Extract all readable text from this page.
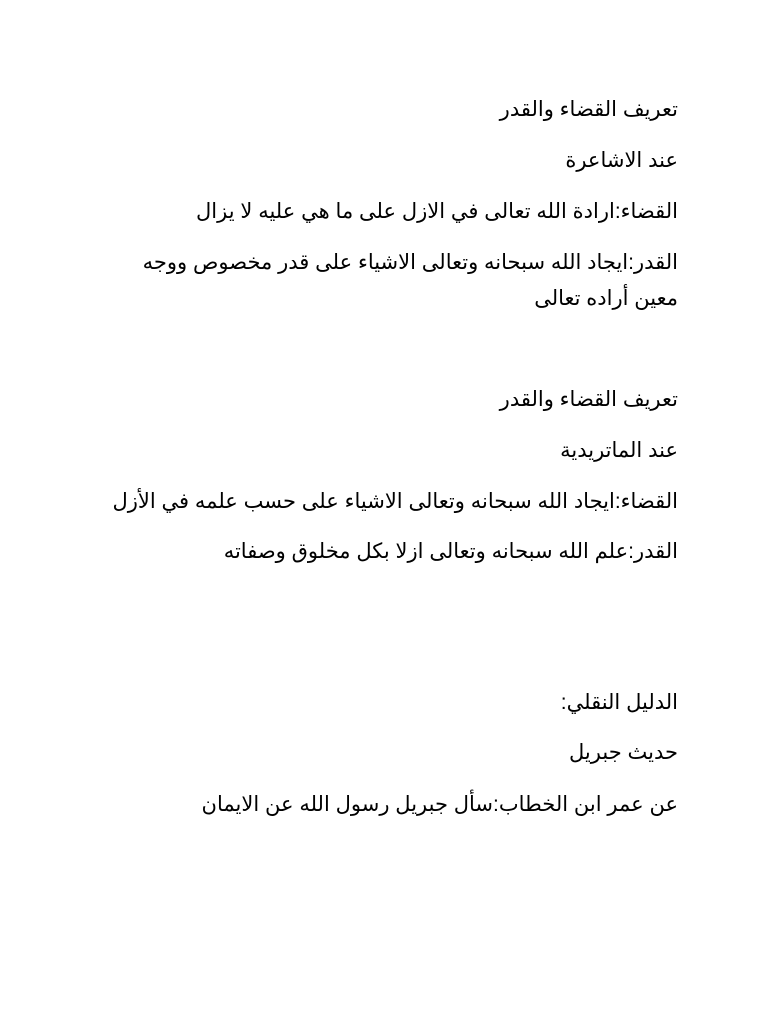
تعريف القضاء والقدر
عند الاشاعرة
القضاء:ارادة الله تعالى في الازل على ما هي عليه لا يزال
القدر:ايجاد الله سبحانه وتعالى الاشياء على قدر مخصوص ووجه معين أراده تعالى
تعريف القضاء والقدر
عند الماتريدية
القضاء:ايجاد الله سبحانه وتعالى الاشياء على حسب علمه في الأزل
القدر:علم الله سبحانه وتعالى ازلا بكل مخلوق وصفاته
الدليل النقلي:
حديث جبريل
عن عمر ابن الخطاب:سأل جبريل رسول الله عن الايمان
